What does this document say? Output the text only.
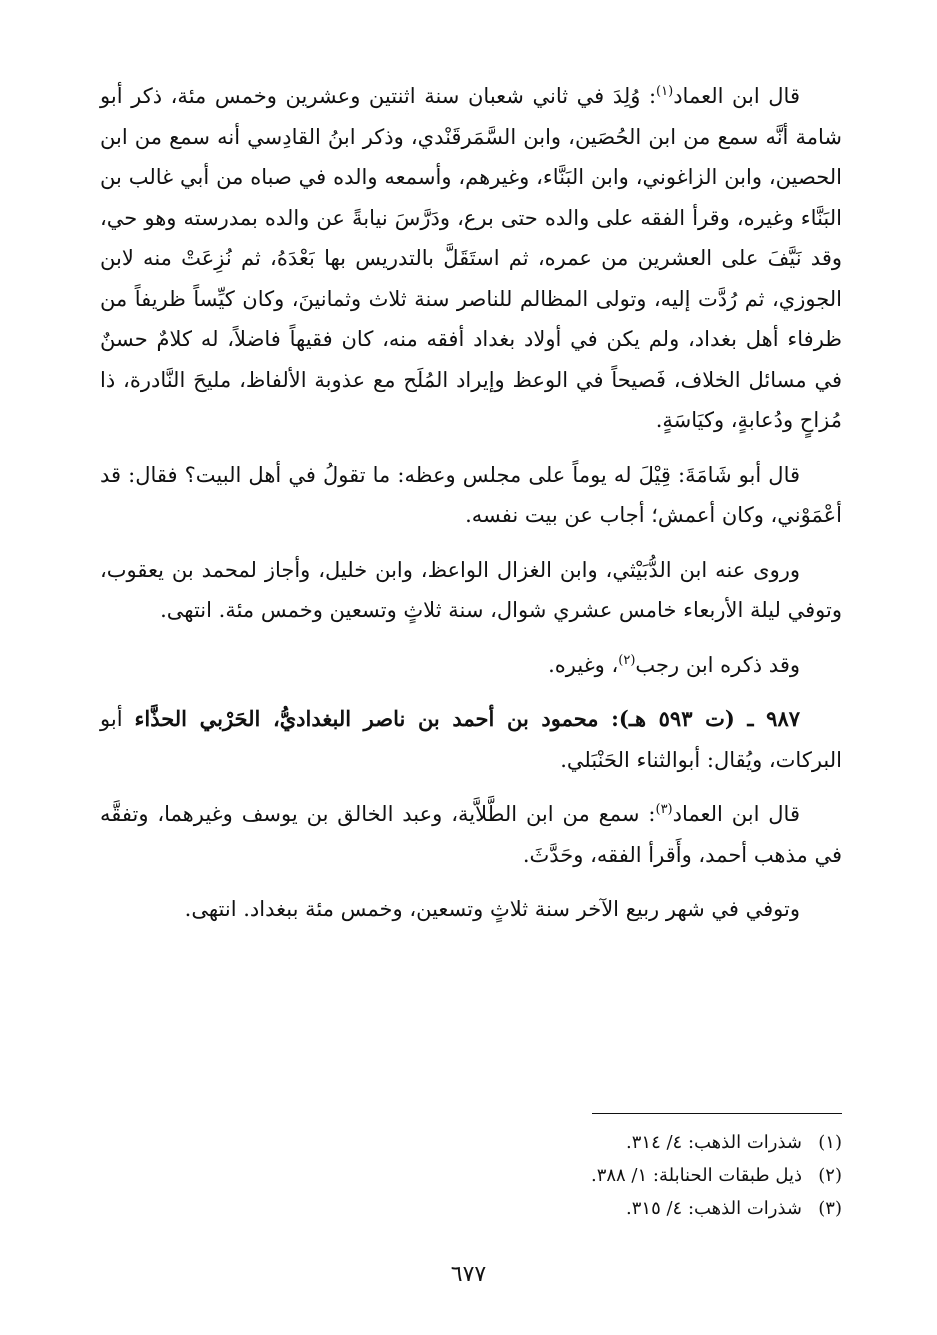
قال ابن العماد$^{(١)}$: وُلِدَ في ثاني شعبان سنة اثنتين وعشرين وخمس مئة، ذكر أبو شامة أنَّه سمع من ابن الحُصَين، وابن السَّمَرقَنْدي، وذكر ابنُ القادِسي أنه سمع من ابن الحصين، وابن الزاغوني، وابن البَنَّاء، وغيرهم، وأسمعه والده في صباه من أبي غالب بن البَنَّاء وغيره، وقرأ الفقه على والده حتى برع، ودَرَّسَ نيابةً عن والده بمدرسته وهو حي، وقد نَيَّفَ على العشرين من عمره، ثم استَقَلَّ بالتدريس بها بَعْدَهُ، ثم نُزِعَتْ منه لابن الجوزي، ثم رُدَّت إليه، وتولى المظالم للناصر سنة ثلاث وثمانينَ، وكان كيِّساً ظريفاً من ظرفاء أهل بغداد، ولم يكن في أولاد بغداد أفقه منه، كان فقيهاً فاضلاً، له كلامٌ حسنٌ في مسائل الخلاف، فَصيحاً في الوعظ وإيراد المُلَح مع عذوبة الألفاظ، مليحَ النَّادرة، ذا مُزاحٍ ودُعابةٍ، وكيَاسَةٍ.

قال أبو شَامَةَ: قِيْلَ له يوماً على مجلس وعظه: ما تقولُ في أهل البيت؟ فقال: قد أعْمَوْني، وكان أعمش؛ أجاب عن بيت نفسه.

وروى عنه ابن الدُّبَيْثي، وابن الغزال الواعظ، وابن خليل، وأجاز لمحمد بن يعقوب، وتوفي ليلة الأربعاء خامس عشري شوال، سنة ثلاثٍ وتسعين وخمس مئة. انتهى.

وقد ذكره ابن رجب$^{(٢)}$، وغيره.

٩٨٧ ـ (ت ٥٩٣ هـ): محمود بن أحمد بن ناصر البغداديُّ، الحَرْبي الحذَّاء أبو البركات، ويُقال: أبوالثناء الحَنْبَلي.

قال ابن العماد$^{(٣)}$: سمع من ابن الطَّلاَّية، وعبد الخالق بن يوسف وغيرهما، وتفقَّه في مذهب أحمد، وأَقرأ الفقه، وحَدَّثَ.

وتوفي في شهر ربيع الآخر سنة ثلاثٍ وتسعين، وخمس مئة ببغداد. انتهى.

(١)شذرات الذهب: ٤/ ٣١٤.
(٢)ذيل طبقات الحنابلة: ١/ ٣٨٨.
(٣)شذرات الذهب: ٤/ ٣١٥.
٦٧٧
